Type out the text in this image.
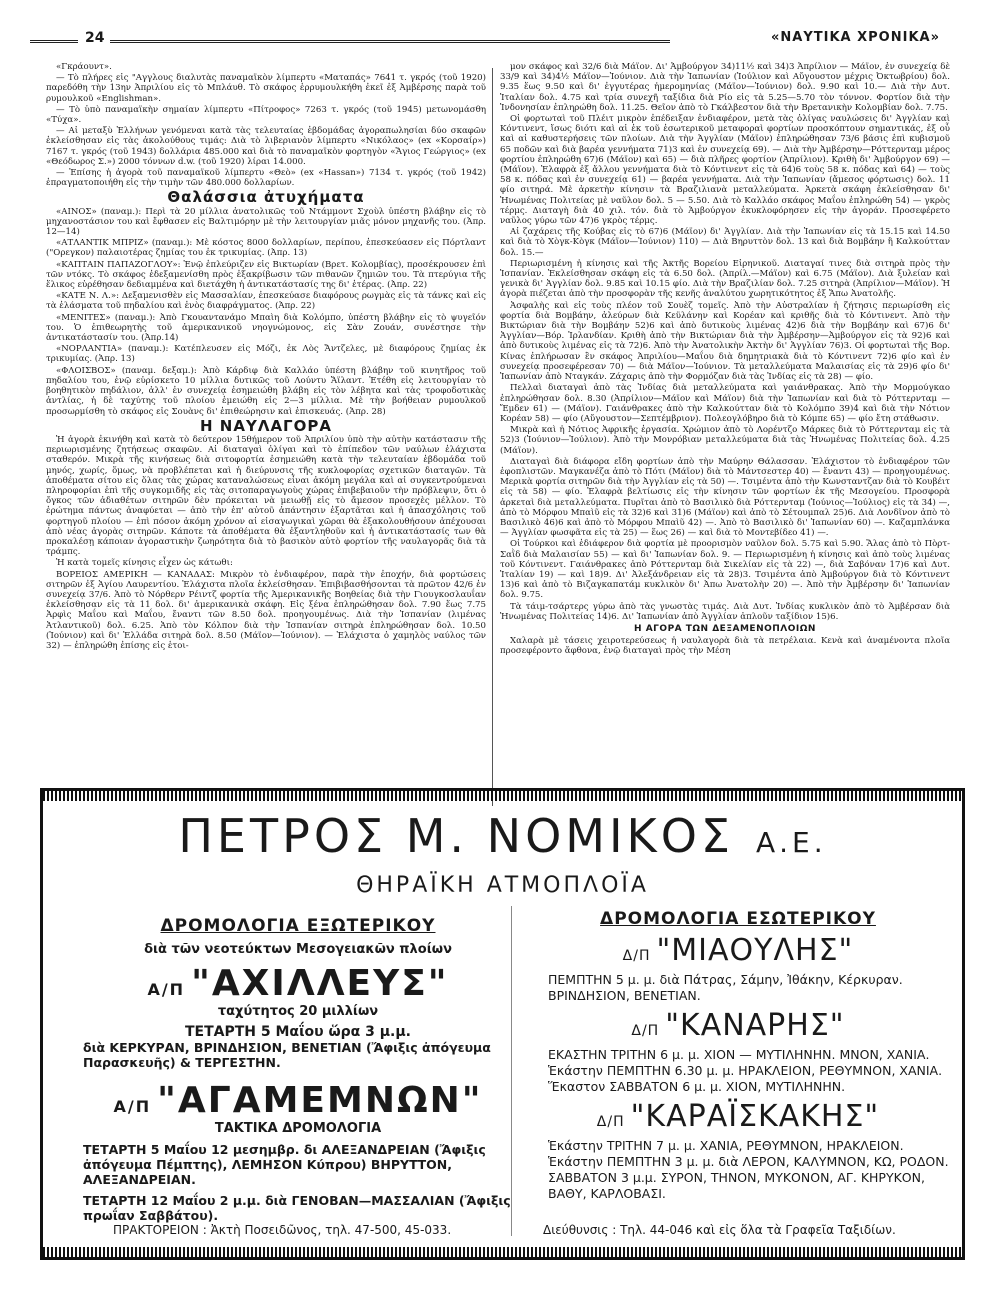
24	«ΝΑΥΤΙΚΑ ΧΡΟΝΙΚΑ»

«Γκράουντ».

— Τὸ πλήρες εἰς "Αγγλους διαλυτὰς παναμαϊκὸν λίμπερτυ «Ματαπάς» 7641 τ. γκρός (τοῦ 1920) παρεδόθη τὴν 13ην Ἀπριλίου εἰς τὸ Μπλάυθ. Τὸ σκάφος ἐρρυμουλκήθη ἐκεῖ ἐξ Ἀμβέρσης παρὰ τοῦ ρυμουλκοῦ «Englishman».

— Τὸ ὑπὸ παναμαϊκὴν σημαίαν λίμπερτυ «Πίτροφος» 7263 τ. γκρός (τοῦ 1945) μετωνομάσθη «Τύχα».

— Αἱ μεταξὺ Ἑλλήνων γενόμεναι κατὰ τὰς τελευταίας ἑβδομάδας ἀγοραπωλησίαι δύο σκαφῶν ἐκλείσθησαν εἰς τὰς ἀκολούθους τιμάς: Διὰ τὸ λιβεριανὸν λίμπερτυ «Νικόλαος» (ex «Κορσαίρ») 7167 τ. γκρός (τοῦ 1943) δολλάρια 485.000 καὶ διὰ τὸ παναμαϊκὸν φορτηγὸν «Ἅγιος Γεώργιος» (ex «Θεόδωρος Σ.») 2000 τόννων d.w. (τοῦ 1920) λίραι 14.000.

— Ἐπίσης ἡ ἀγορὰ τοῦ παναμαϊκοῦ λίμπερτυ «Θεὸ» (ex «Hassan») 7134 τ. γκρός (τοῦ 1942) ἐπραγματοποιήθη εἰς τὴν τιμὴν τῶν 480.000 δολλαρίων.

Θαλάσσια ἀτυχήματα

«ΑΙΝΟΣ» (παναμ.): Περὶ τὰ 20 μίλλια ἀνατολικῶς τοῦ Ντάμμοντ Σχοὺλ ὑπέστη βλάβην εἰς τὸ μηχανοστάσιον του καὶ ἔφθασεν εἰς Βαλτιμόρην μὲ τὴν λειτουργίαν μιᾶς μόνον μηχανῆς του. (Ἀπρ. 12—14)

«ΑΤΛΑΝΤΙΚ ΜΠΡΙΖ» (παναμ.): Μὲ κόστος 8000 δολλαρίων, περίπου, ἐπεσκεύασεν εἰς Πόρτλαντ ("Ορεγκον) παλαιοτέρας ζημίας του ἐκ τρικυμίας. (Ἀπρ. 13)

«ΚΑΠΤΑΙΝ ΠΑΠΑΖΟΓΛΟΥ»: Ἐνῷ ἐπλεύριζεν εἰς Βικτωρίαν (Βρετ. Κολομβίας), προσέκρουσεν ἐπὶ τῶν ντόκς. Τὸ σκάφος ἐδεξαμενίσθη πρὸς ἐξακρίβωσιν τῶν πιθανῶν ζημιῶν του. Τὰ πτερύγια τῆς ἕλικος εὑρέθησαν δεδιαμμένα καὶ διετάχθη ἡ ἀντικατάστασίς της δι' ἑτέρας. (Ἀπρ. 22)

«ΚΑΤΕ Ν. Λ.»: Δεξαμενισθὲν εἰς Μασσαλίαν, ἐπεσκεύασε διαφόρους ρωγμὰς εἰς τὰ τάνκς καὶ εἰς τὰ ἐλάσματα τοῦ πηδαλίου καὶ ἑνὸς διαφράγματος. (Ἀπρ. 22)

«ΜΕΝΙΤΕΣ» (παναμ.): Ἀπὸ Γκουαντανάμο Μπαὶη διὰ Κολόμπο, ὑπέστη βλάβην εἰς τὸ ψυγεῖόν του. Ὁ ἐπιθεωρητὴς τοῦ ἀμερικανικοῦ νηογνώμονος, εἰς Σὰν Ζουάν, συνέστησε τὴν ἀντικατάστασίν του. (Ἀπρ.14)

«ΝΟΡΛΑΝΤΙΑ» (παναμ.): Κατέπλευσεν εἰς Μόζι, ἐκ Λὸς Ἄντζελες, μὲ διαφόρους ζημίας ἐκ τρικυμίας. (Ἀπρ. 13)

«ΦΛΟΙΣΒΟΣ» (παναμ. δεξαμ.): Ἀπὸ Κάρδιφ διὰ Καλλάο ὑπέστη βλάβην τοῦ κινητῆρος τοῦ πηδαλίου του, ἐνῷ εὑρίσκετο 10 μίλλια δυτικῶς τοῦ Λούντυ Ἄϊλαντ. Ἐτέθη εἰς λειτουργίαν τὸ βοηθητικὸν πηδάλιον, ἀλλ' ἐν συνεχείᾳ ἐσημειώθη βλάβη εἰς τὸν λέβητα καὶ τὰς τροφοδοτικὰς ἀντλίας, ἡ δὲ ταχύτης τοῦ πλοίου ἐμειώθη εἰς 2—3 μίλλια. Μὲ τὴν βοήθειαν ρυμουλκοῦ προσωρμίσθη τὸ σκάφος εἰς Σουὰνς δι' ἐπιθεώρησιν καὶ ἐπισκευάς. (Ἀπρ. 28)

Η ΝΑΥΛΑΓΟΡΑ

Ἡ ἀγορὰ ἐκινήθη καὶ κατὰ τὸ δεύτερον 15θήμερον τοῦ Ἀπριλίου ὑπὸ τὴν αὐτὴν κατάστασιν τῆς περιωρισμένης ζητήσεως σκαφῶν. Αἱ διαταγαὶ ὀλίγαι καὶ τὸ ἐπίπεδον τῶν ναύλων ἐλάχιστα σταθερόν. Μικρὰ τῆς κινήσεως διὰ σιτοφορτία ἐσημειώθη κατὰ τὴν τελευταίαν ἑβδομάδα τοῦ μηνός, χωρίς, ὅμως, νὰ προβλέπεται καὶ ἡ διεύρυνσις τῆς κυκλοφορίας σχετικῶν διαταγῶν. Τὰ ἀποθέματα σίτου εἰς ὅλας τὰς χώρας καταναλώσεως εἶναι ἀκόμη μεγάλα καὶ αἱ συγκεντρούμεναι πληροφορίαι ἐπὶ τῆς συγκομιδῆς εἰς τὰς σιτοπαραγωγοὺς χώρας ἐπιβεβαιοῦν τὴν πρόβλεψιν, ὅτι ὁ ὄγκος τῶν ἀδιαθέτων σιτηρῶν δὲν πρόκειται νὰ μειωθῇ εἰς τὸ ἄμεσον προσεχὲς μέλλον. Τὸ ἐρώτημα πάντως ἀναφύεται — ἀπὸ τὴν ἐπ' αὐτοῦ ἀπάντησιν ἐξαρτᾶται καὶ ἡ ἀπασχόλησις τοῦ φορτηγοῦ πλοίου — ἐπὶ πόσον ἀκόμη χρόνον αἱ εἰσαγωγικαὶ χῶραι θὰ ἐξακολουθήσουν ἀπέχουσαι ἀπὸ νέας ἀγορὰς σιτηρῶν. Κάποτε τὰ ἀποθέματα θὰ ἐξαντληθοῦν καὶ ἡ ἀντικατάστασίς των θὰ προκαλέσῃ κάποιαν ἀγοραστικὴν ζωηρότητα διὰ τὸ βασικὸν αὐτὸ φορτίον τῆς ναυλαγορᾶς διὰ τὰ τράμπς.

Ἡ κατὰ τομεῖς κίνησις εἶχεν ὡς κάτωθι:

ΒΟΡΕΙΟΣ ΑΜΕΡΙΚΗ — ΚΑΝΑΔΑΣ: Μικρὸν τὸ ἐνδιαφέρον, παρὰ τὴν ἐποχήν, διὰ φορτώσεις σιτηρῶν ἐξ Ἁγίου Λαυρεντίου. Ἐλάχιστα πλοῖα ἐκλείσθησαν. Ἐπιβιβασθήσονται τὰ πρῶτον 42/6 ἐν συνεχείᾳ 37/6. Ἀπὸ τὸ Νόρθερν Ρέιντζ φορτία τῆς Ἀμερικανικῆς Βοηθείας διὰ τὴν Γιουγκοσλαυΐαν ἐκλείσθησαν εἰς τὰ 11 δολ. δι' ἀμερικανικὰ σκάφη. Εἰς ξένα ἐπληρώθησαν δολ. 7.90 ἕως 7.75 Ἀρφὶς Μαΐου καὶ Μαΐου, ἔναντι τῶν 8.50 δολ. προηγουμένως. Διὰ τὴν Ἱσπανίαν (λιμένας Ἀτλαντικοῦ) δολ. 6.25. Ἀπὸ τὸν Κόλπον διὰ τὴν Ἱσπανίαν σιτηρὰ ἐπληρώθησαν δολ. 10.50 (Ἰούνιον) καὶ δι' Ἑλλάδα σιτηρὰ δολ. 8.50 (Μάϊον—Ἰούνιον). — Ἐλάχιστα ὁ χαμηλὸς ναύλος τῶν 32) — ἐπληρώθη ἐπίσης εἰς ἑτοι-

μον σκάφος καὶ 32/6 διὰ Μάϊον. Δι' Ἀμβούργον 34)11½ καὶ 34)3 Ἀπρίλιον — Μάϊον, ἐν συνεχείᾳ δὲ 33/9 καὶ 34)4½ Μάϊον—Ἰούνιον. Διὰ τὴν Ἱαπωνίαν (Ἰούλιον καὶ Αὔγουστον μέχρις Ὀκτωβρίου) δολ. 9.35 ἕως 9.50 καὶ δι' ἐγγυτέρας ἡμερομηνίας (Μάϊον—Ἰούνιον) δολ. 9.90 καὶ 10.— Διὰ τὴν Δυτ. Ἰταλίαν δολ. 4.75 καὶ τρία συνεχῆ ταξίδια διὰ Ρίο εἰς τὰ 5.25—5.70 τὸν τόννον. Φορτίον διὰ τὴν Ἰνδονησίαν ἐπληρώθη δολ. 11.25. Θεῖον ἀπὸ τὸ Γκάλβεστον διὰ τὴν Βρετανικὴν Κολομβίαν δολ. 7.75.

Οἱ φορτωταὶ τοῦ Πλέιτ μικρὸν ἐπέδειξαν ἐνδιαφέρον, μετὰ τὰς ὀλίγας ναυλώσεις δι' Ἀγγλίαν καὶ Κόντινεντ, ἴσως διότι καὶ αἱ ἐκ τοῦ ἐσωτερικοῦ μεταφοραὶ φορτίων προσκόπτουν σημαντικάς, ἐξ οὗ καὶ αἱ καθυστερήσεις τῶν πλοίων. Διὰ τὴν Ἀγγλίαν (Μάϊον) ἐπληρώθησαν 73/6 βάσις ἐπὶ κυβισμοῦ 65 ποδῶν καὶ διὰ βαρέα γεννήματα 71)3 καὶ ἐν συνεχείᾳ 69). — Διὰ τὴν Ἀμβέρσην—Ρόττερνταμ μέρος φορτίου ἐπληρώθη 67)6 (Μάϊον) καὶ 65) — διὰ πλῆρες φορτίον (Ἀπρίλιον). Κριθὴ δι' Ἀμβούργον 69) — (Μάϊον). Ἐλαφρὰ ἐξ ἄλλου γεννήματα διὰ τὸ Κόντινεντ εἰς τὰ 64)6 τοὺς 58 κ. πόδας καὶ 64) — τοὺς 58 κ. πόδας καὶ ἐν συνεχείᾳ 61) — βαρέα γεννήματα. Διὰ τὴν Ἱαπωνίαν (ἄμεσος φόρτωσις) δολ. 11 φίο σιτηρά. Μὲ ἀρκετὴν κίνησιν τὰ Βραζιλιανὰ μεταλλεύματα. Ἀρκετὰ σκάφη ἐκλείσθησαν δι' Ἡνωμένας Πολιτείας μὲ ναῦλον δολ. 5 — 5.50. Διὰ τὸ Καλλάο σκάφος Μαΐου ἐπληρώθη 54) — γκρὸς τέρμς. Διαταγὴ διὰ 40 χιλ. τόν. διὰ τὸ Ἀμβούργον ἐκυκλοφόρησεν εἰς τὴν ἀγοράν. Προσεφέρετο ναῦλος γύρω τῶν 47)6 γκρὸς τέρμς.

Αἱ ζαχάρεις τῆς Κούβας εἰς τὸ 67)6 (Μάϊον) δι' Ἀγγλίαν. Διὰ τὴν Ἱαπωνίαν εἰς τὰ 15.15 καὶ 14.50 καὶ διὰ τὸ Χὸγκ-Κὸγκ (Μάϊον—Ἰούνιον) 110) — Διὰ Βηρυττὸν δολ. 13 καὶ διὰ Βομβάην ἢ Καλκούτταν δολ. 15.—

Περιωρισμένη ἡ κίνησις καὶ τῆς Ἀκτῆς Βορείου Εἰρηνικοῦ. Διαταγαί τινες διὰ σιτηρὰ πρὸς τὴν Ἱσπανίαν. Ἐκλείσθησαν σκάφη εἰς τὰ 6.50 δολ. (Ἀπρίλ.—Μάϊον) καὶ 6.75 (Μάϊον). Διὰ ξυλείαν καὶ γενικὰ δι' Ἀγγλίαν δολ. 9.85 καὶ 10.15 φίο. Διὰ τὴν Βραζιλίαν δολ. 7.25 σιτηρὰ (Ἀπρίλιον—Μάϊον). Ἡ ἀγορὰ πιέζεται ἀπὸ τὴν προσφορὰν τῆς κενῆς ἀναλύτου χωρητικότητος ἐξ Ἄπω Ἀνατολῆς.

Ἀσφαλὴς καὶ εἰς τοὺς πλέον τοῦ Σουὲζ τομεῖς. Ἀπὸ τὴν Αὐστραλίαν ἡ ζήτησις περιωρίσθη εἰς φορτία διὰ Βομβάην, ἀλεύρων διὰ Κεϋλάνην καὶ Κορέαν καὶ κριθῆς διὰ τὸ Κόντινεντ. Ἀπὸ τὴν Βικτώριαν διὰ τὴν Βομβάην 52)6 καὶ ἀπὸ δυτικοὺς λιμένας 42)6 διὰ τὴν Βομβάην καὶ 67)6 δι' Ἀγγλίαν—Βόρ. Ἰρλανδίαν. Κριθὴ ἀπὸ τὴν Βικτώριαν διὰ τὴν Ἀμβέρσην—Ἀμβούργον εἰς τὰ 92)6 καὶ ἀπὸ δυτικοὺς λιμένας εἰς τὰ 72)6. Ἀπὸ τὴν Ἀνατολικὴν Ἀκτὴν δι' Ἀγγλίαν 76)3. Οἱ φορτωταὶ τῆς Βορ. Κίνας ἐπλήρωσαν ἓν σκάφος Ἀπριλίου—Μαΐου διὰ δημητριακὰ διὰ τὸ Κόντινεντ 72)6 φίο καὶ ἐν συνεχείᾳ προσεφέρεσαν 70) — διὰ Μάϊον—Ἰούνιον. Τὰ μεταλλεύματα Μαλαισίας εἰς τὰ 29)6 φίο δι' Ἱαπωνίαν ἀπὸ Νταγκάν. Ζάχαρις ἀπὸ τὴν Φορμόζαν διὰ τὰς Ἰνδίας εἰς τὰ 28) — φίο.

Πελλαὶ διαταγαὶ ἀπὸ τὰς Ἰνδίας διὰ μεταλλεύματα καὶ γαιάνθρακας. Ἀπὸ τὴν Μορμούγκαο ἐπληρώθησαν δολ. 8.30 (Ἀπρίλιον—Μάϊον καὶ Μάϊον) διὰ τὴν Ἱαπωνίαν καὶ διὰ τὸ Ρόττερνταμ — Ἔμδεν 61) — (Μάϊον). Γαιάνθρακες ἀπὸ τὴν Καλκούτταν διὰ τὸ Κολόμπο 39)4 καὶ διὰ τὴν Νότιον Κορέαν 58) — φίο (Αὔγουστον—Σεπτέμβριον). Πολεογλόβηρο διὰ τὸ Κόμπε 65) — φίο ἔτη στάθωσιν.

Μικρὰ καὶ ἡ Νότιος Ἀφρικῆς ἐργασία. Χρώμιον ἀπὸ τὸ Λορέντζο Μάρκες διὰ τὸ Ρόττερνταμ εἰς τὰ 52)3 (Ἰούνιον—Ἰούλιον). Ἀπὸ τὴν Μονρόβιαν μεταλλεύματα διὰ τὰς Ἡνωμένας Πολιτείας δολ. 4.25 (Μάϊον).

Διαταγαὶ διὰ διάφορα εἴδη φορτίων ἀπὸ τὴν Μαύρην Θάλασσαν. Ἐλάχιστον τὸ ἐνδιαφέρον τῶν ἐφοπλιστῶν. Μαγκανέζα ἀπὸ τὸ Πότι (Μάϊον) διὰ τὸ Μάντσεστερ 40) — ἔναντι 43) — προηγουμένως. Μερικὰ φορτία σιτηρῶν διὰ τὴν Ἀγγλίαν εἰς τὰ 50) —. Τσιμέντα ἀπὸ τὴν Κωνσταντζαν διὰ τὸ Κουβέιτ εἰς τὰ 58) — φίο. Ἐλαφρὰ βελτίωσις εἰς τὴν κίνησιν τῶν φορτίων ἐκ τῆς Μεσογείου. Προσφορὰ ἀρκεταὶ διὰ μεταλλεύματα. Πυρῖται ἀπὸ τὸ Βασιλικὸ διὰ Ρόττερνταμ (Ἰούνιος—Ἰούλιος) εἰς τὰ 34) —, ἀπὸ τὸ Μόρφου Μπαὶῦ εἰς τὰ 32)6 καὶ 31)6 (Μάϊον) καὶ ἀπὸ τὸ Σέτουμπαλ 25)6. Διὰ Λονδῖνον ἀπὸ τὸ Βασιλικὸ 46)6 καὶ ἀπὸ τὸ Μόρφου Μπαὶῦ 42) —. Ἀπὸ τὸ Βασιλικὸ δι' Ἱαπωνίαν 60) —. Καζαμπλάνκα — Ἀγγλίαν φωσφᾶτα εἰς τὰ 25) — ἕως 26) — καὶ διὰ τὸ Μοντεβίδεο 41) —.

Οἱ Τούρκοι καὶ ἐδιάφερον διὰ φορτία μὲ προορισμὸν ναῦλον δολ. 5.75 καὶ 5.90. Ἅλας ἀπὸ τὸ Πὸρτ-Σαῒδ διὰ Μαλαισίαν 55) — καὶ δι' Ἱαπωνίαν δολ. 9. — Περιωρισμένη ἡ κίνησις καὶ ἀπὸ τοὺς λιμένας τοῦ Κόντινεντ. Γαιάνθρακες ἀπὸ Ρόττερνταμ διὰ Σικελίαν εἰς τὰ 22) —, διὰ Σαβόναν 17)6 καὶ Δυτ. Ἰταλίαν 19) — καὶ 18)9. Δι' Ἀλεξάνδρειαν εἰς τὰ 28)3. Τσιμέντα ἀπὸ Ἀμβούργον διὰ τὸ Κόντινεντ 13)6 καὶ ἀπὸ τὸ Βιζαγκαπατάμ κυκλικὸν δι' Ἀπω Ἀνατολὴν 20) —. Ἀπὸ τὴν Ἀμβέρσην δι' Ἱαπωνίαν δολ. 9.75.

Τὰ τάιμ-τσάρτερς γύρω ἀπὸ τὰς γνωστὰς τιμάς. Διὰ Δυτ. Ἰνδίας κυκλικὸν ἀπὸ τὸ Ἀμβέρσαν διὰ Ἡνωμένας Πολιτείας 14)6. Δι' Ἱαπωνίαν ἀπὸ Ἀγγλίαν ἀπλοῦν ταξίδιον 15)6.

Η ΑΓΟΡΑ ΤΩΝ ΔΕΞΑΜΕΝΟΠΛΟΙΩΝ

Χαλαρὰ μὲ τάσεις χειροτερεύσεως ἡ ναυλαγορὰ διὰ τὰ πετρέλαια. Κενὰ καὶ ἀναμένοντα πλοῖα προσεφέροντο ἄφθονα, ἐνῷ διαταγαὶ πρὸς τὴν Μέση

ΠΕΤΡΟΣ Μ. ΝΟΜΙΚΟΣ Α.Ε.
ΘΗΡΑΪΚΗ ΑΤΜΟΠΛΟΪΑ
ΔΡΟΜΟΛΟΓΙΑ ΕΞΩΤΕΡΙΚΟΥ
διὰ τῶν νεοτεύκτων Μεσογειακῶν πλοίων
Α/Π "ΑΧΙΛΛΕΥΣ"
ταχύτητος 20 μιλλίων
ΤΕΤΑΡΤΗ 5 Μαΐου ὥρα 3 μ.μ.
διὰ ΚΕΡΚΥΡΑΝ, ΒΡΙΝΔΗΣΙΟΝ, ΒΕΝΕΤΙΑΝ (Ἄφιξις ἀπόγευμα Παρασκευῆς) & ΤΕΡΓΕΣΤΗΝ.
Α/Π "ΑΓΑΜΕΜΝΩΝ"
ΤΑΚΤΙΚΑ ΔΡΟΜΟΛΟΓΙΑ
ΤΕΤΑΡΤΗ 5 Μαΐου 12 μεσημβρ. δι ΑΛΕΞΑΝΔΡΕΙΑΝ (Ἄφιξις ἀπόγευμα Πέμπτης), ΛΕΜΗΣΟΝ Κύπρου) ΒΗΡΥΤΤΟΝ, ΑΛΕΞΑΝΔΡΕΙΑΝ.
ΤΕΤΑΡΤΗ 12 Μαΐου 2 μ.μ. διὰ ΓΕΝΟΒΑΝ—ΜΑΣΣΑΛΙΑΝ (Ἄφιξις πρωΐαν Σαββάτου).
ΔΡΟΜΟΛΟΓΙΑ ΕΣΩΤΕΡΙΚΟΥ
Δ/Π "ΜΙΑΟΥΛΗΣ"
ΠΕΜΠΤΗΝ 5 μ. μ. διὰ Πάτρας, Σάμην, Ἰθάκην, Κέρκυραν. ΒΡΙΝΔΗΣΙΟΝ, ΒΕΝΕΤΙΑΝ.
Δ/Π "ΚΑΝΑΡΗΣ"
ΕΚΑΣΤΗΝ ΤΡΙΤΗΝ 6 μ. μ. ΧΙΟΝ — ΜΥΤΙΛΗΝΗΝ. ΜΝΟΝ, ΧΑΝΙΑ.
Ἑκάστην ΠΕΜΠΤΗΝ 6.30 μ. μ. ΗΡΑΚΛΕΙΟΝ, ΡΕΘΥΜΝΟΝ, ΧΑΝΙΑ.
Ἕκαστον ΣΑΒΒΑΤΟΝ 6 μ. μ. ΧΙΟΝ, ΜΥΤΙΛΗΝΗΝ.
Δ/Π "ΚΑΡΑΪΣΚΑΚΗΣ"
Ἑκάστην ΤΡΙΤΗΝ 7 μ. μ. ΧΑΝΙΑ, ΡΕΘΥΜΝΟΝ, ΗΡΑΚΛΕΙΟΝ.
Ἑκάστην ΠΕΜΠΤΗΝ 3 μ. μ. διὰ ΛΕΡΟΝ, ΚΑΛΥΜΝΟΝ, ΚΩ, ΡΟΔΟΝ.
ΣΑΒΒΑΤΟΝ 3 μ.μ. ΣΥΡΟΝ, ΤΗΝΟΝ, ΜΥΚΟΝΟΝ, ΑΓ. ΚΗΡΥΚΟΝ, ΒΑΘΥ, ΚΑΡΛΟΒΑΣΙ.
ΠΡΑΚΤΟΡΕΙΟΝ : Ἀκτὴ Ποσειδῶνος, τηλ. 47-500, 45-033.	Διεύθυνσις : Τηλ. 44-046 καὶ εἰς ὅλα τὰ Γραφεῖα Ταξιδίων.
